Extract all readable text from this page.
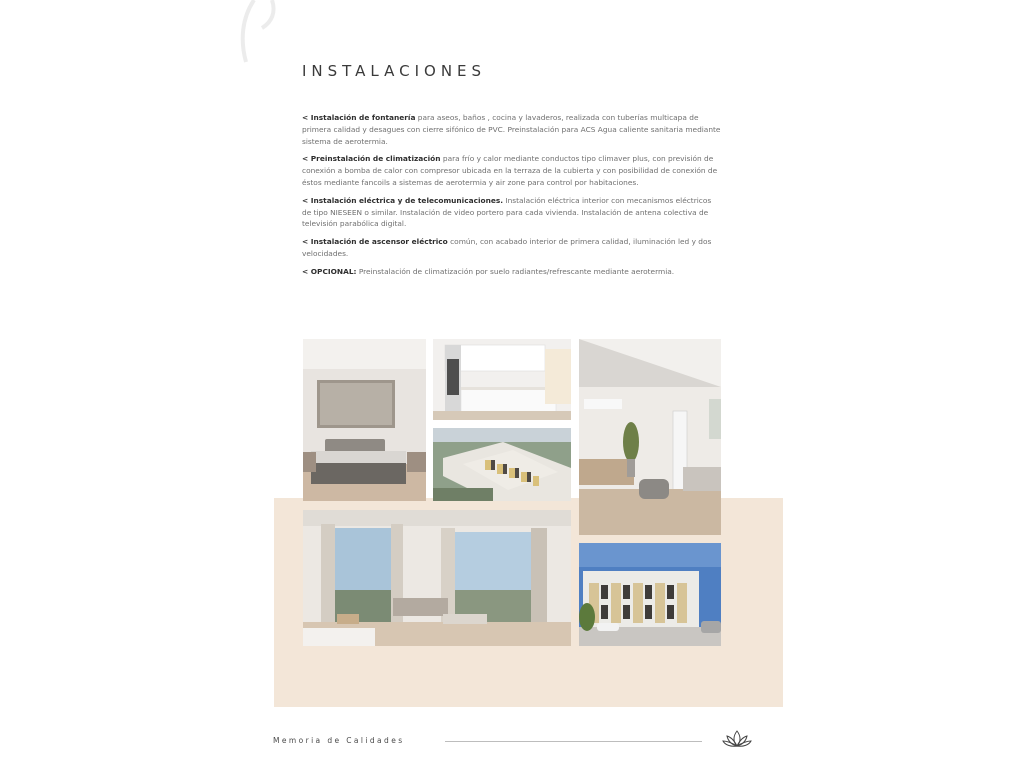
INSTALACIONES

< Instalación de fontanería para aseos, baños , cocina y lavaderos, realizada con tuberías multicapa de primera calidad y desagues con cierre sifónico de PVC. Preinstalación para ACS Agua caliente sanitaria mediante sistema de aerotermia.

< Preinstalación de climatización para frío y calor mediante conductos tipo climaver plus, con previsión de conexión a bomba de calor con compresor ubicada en la terraza de la cubierta y con posibilidad de conexión de éstos mediante fancoils a sistemas de aerotermia y air zone para control por habitaciones.

< Instalación eléctrica y de telecomunicaciones. Instalación eléctrica interior con mecanismos eléctricos de tipo NIESEEN o similar. Instalación de video portero para cada vivienda. Instalación de antena colectiva de televisión parabólica digital.

< Instalación de ascensor eléctrico común, con acabado interior de primera calidad, iluminación led y dos velocidades.

< OPCIONAL: Preinstalación de climatización por suelo radiantes/refrescante mediante aerotermia.

Memoria de Calidades
